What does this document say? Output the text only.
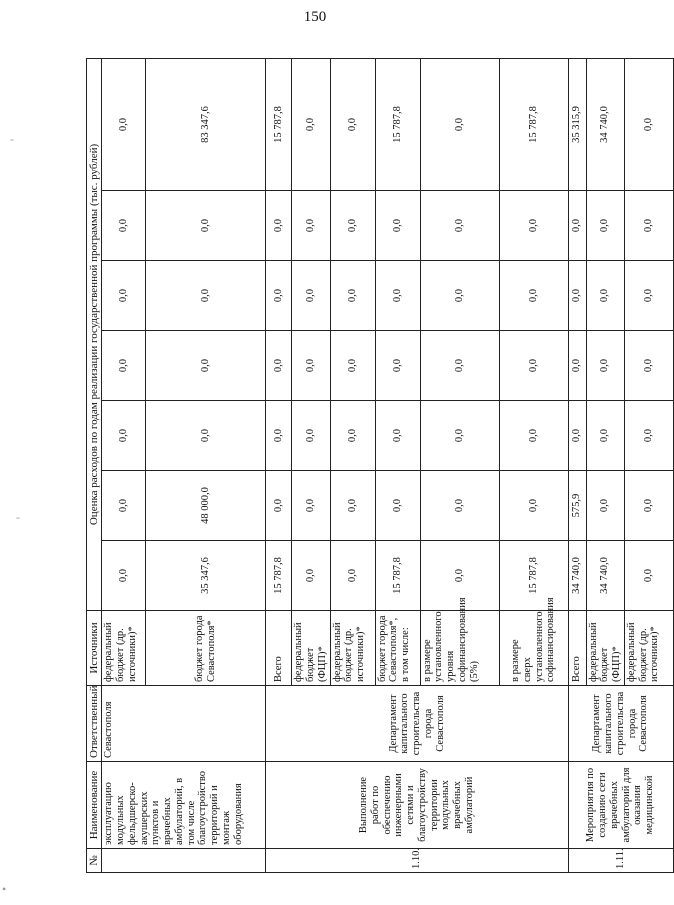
150
-
-
•
№	Наименование	Ответственный	Источники	Оценка расходов по годам реализации государственной программы (тыс. рублей)						
	эксплуатацию модульных фельдшерско-акушерских пунктов и врачебных амбулаторий, в том числе благоустройство территорий и монтаж оборудования	Севастополя	федеральный бюджет (др. источники)*	0,0	0,0	0,0	0,0	0,0	0,0	0,0
			бюджет города Севастополя*	35 347,6	48 000,0	0,0	0,0	0,0	0,0	83 347,6
1.10.	Выполнение работ по обеспечению инженерными сетями и благоустройству территории модульных врачебных амбулаторий	Департамент капитального строительства города Севастополя	Всего	15 787,8	0,0	0,0	0,0	0,0	0,0	15 787,8
			федеральный бюджет (ФЦП)*	0,0	0,0	0,0	0,0	0,0	0,0	0,0
			федеральный бюджет (др. источники)*	0,0	0,0	0,0	0,0	0,0	0,0	0,0
			бюджет города Севастополя*, в том числе:	15 787,8	0,0	0,0	0,0	0,0	0,0	15 787,8
			в размере установленного уровня софинансирования (5%)	0,0	0,0	0,0	0,0	0,0	0,0	0,0
			в размере сверх установленного софинансирования	15 787,8	0,0	0,0	0,0	0,0	0,0	15 787,8
1.11.	Мероприятия по созданию сети врачебных амбулаторий для оказания медицинской	Департамент капитального строительства города Севастополя	Всего	34 740,0	575,9	0,0	0,0	0,0	0,0	35 315,9
			федеральный бюджет (ФЦП)*	34 740,0	0,0	0,0	0,0	0,0	0,0	34 740,0
			федеральный бюджет (др. источники)*	0,0	0,0	0,0	0,0	0,0	0,0	0,0
